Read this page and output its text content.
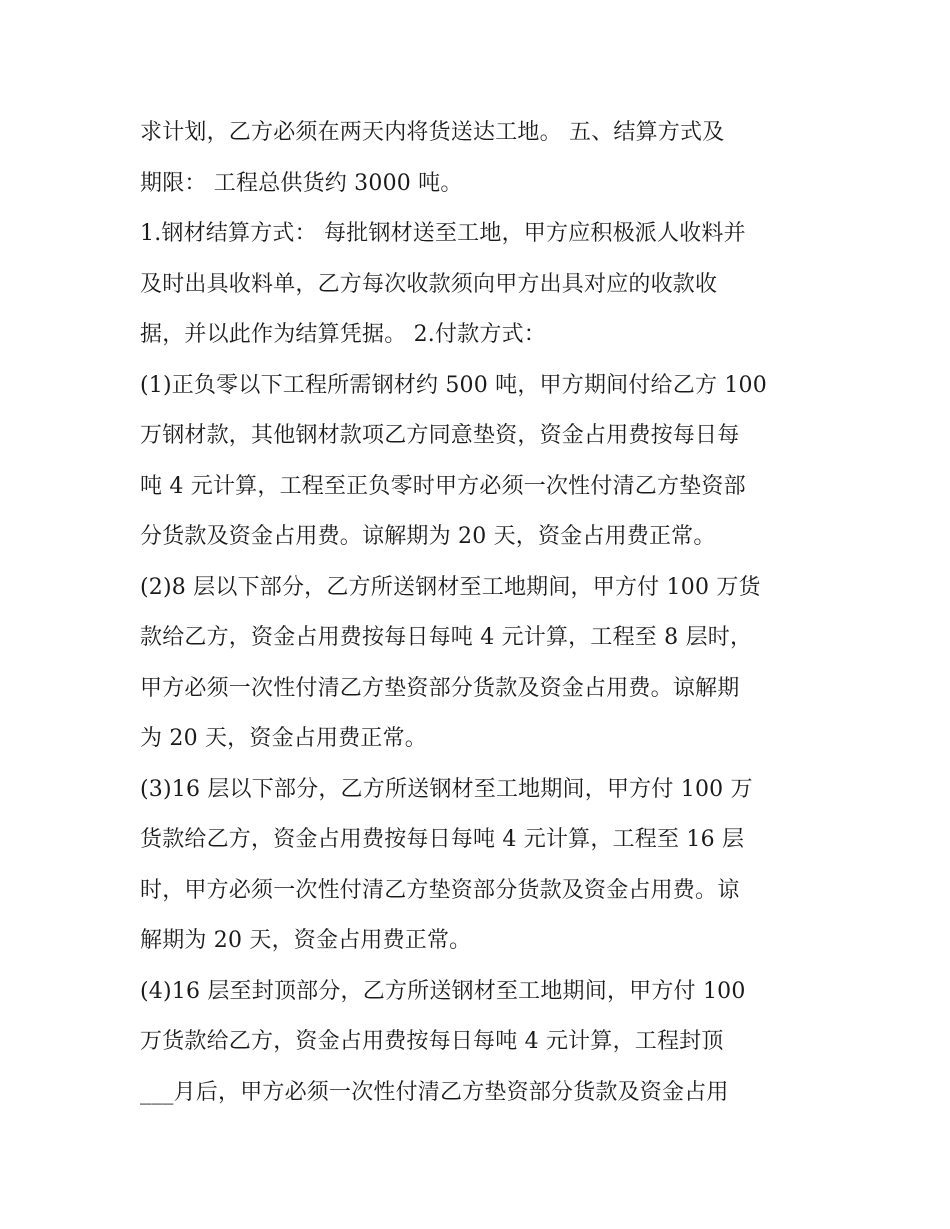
求计划，乙方必须在两天内将货送达工地。 五、结算方式及
期限： 工程总供货约 3000 吨。
1.钢材结算方式： 每批钢材送至工地，甲方应积极派人收料并
及时出具收料单，乙方每次收款须向甲方出具对应的收款收
据，并以此作为结算凭据。 2.付款方式：
(1)正负零以下工程所需钢材约 500 吨，甲方期间付给乙方 100
万钢材款，其他钢材款项乙方同意垫资，资金占用费按每日每
吨 4 元计算，工程至正负零时甲方必须一次性付清乙方垫资部
分货款及资金占用费。谅解期为 20 天，资金占用费正常。
(2)8 层以下部分，乙方所送钢材至工地期间，甲方付 100 万货
款给乙方，资金占用费按每日每吨 4 元计算，工程至 8 层时，
甲方必须一次性付清乙方垫资部分货款及资金占用费。谅解期
为 20 天，资金占用费正常。
(3)16 层以下部分，乙方所送钢材至工地期间，甲方付 100 万
货款给乙方，资金占用费按每日每吨 4 元计算，工程至 16 层
时，甲方必须一次性付清乙方垫资部分货款及资金占用费。谅
解期为 20 天，资金占用费正常。
(4)16 层至封顶部分，乙方所送钢材至工地期间，甲方付 100
万货款给乙方，资金占用费按每日每吨 4 元计算，工程封顶
___月后，甲方必须一次性付清乙方垫资部分货款及资金占用
